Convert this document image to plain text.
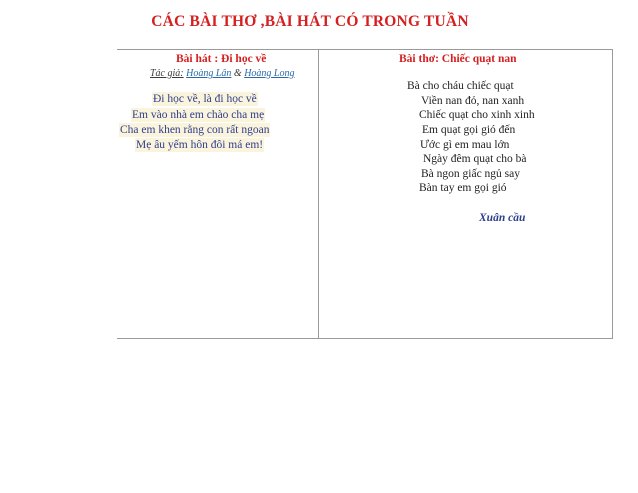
CÁC BÀI THƠ ,BÀI HÁT CÓ TRONG TUẦN
Bài hát : Đi học về	Bài thơ: Chiếc quạt nan
Tác giả: Hoàng Lân & Hoàng Long
Đi học về, là đi học về
Em vào nhà em chào cha mẹ
Cha em khen rằng con rất ngoan
Mẹ âu yếm hôn đôi má em!
Bà cho cháu chiếc quạt
Viền nan đỏ, nan xanh
Chiếc quạt cho xinh xinh
Em quạt gọi gió đến
Ước gì em mau lớn
Ngày đêm quạt cho bà
Bà ngon giấc ngủ say
Bàn tay em gọi gió
Xuân cầu
